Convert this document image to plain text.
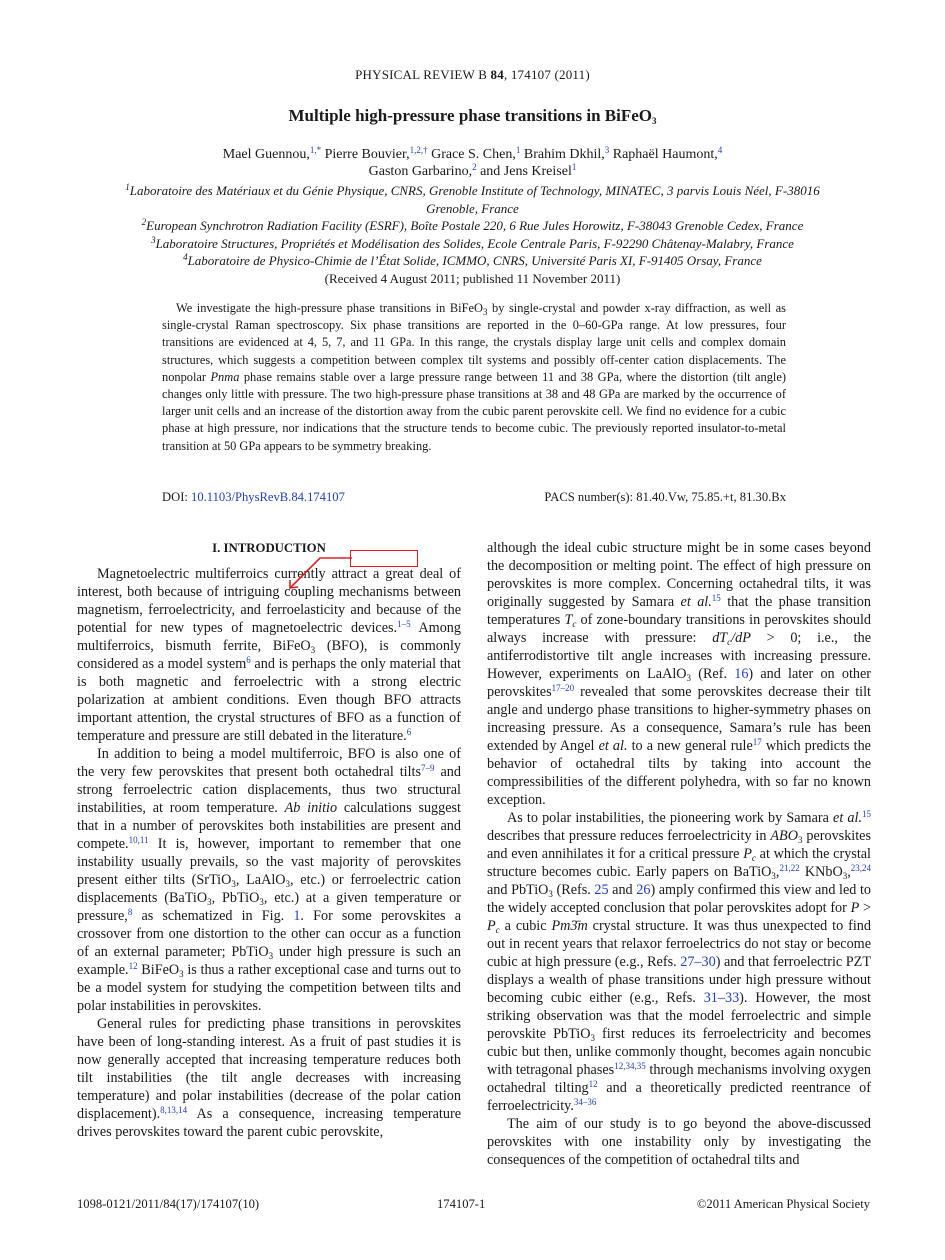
PHYSICAL REVIEW B 84, 174107 (2011)
Multiple high-pressure phase transitions in BiFeO$_3$
Mael Guennou,$^{1,*}$ Pierre Bouvier,$^{1,2,\dagger}$ Grace S. Chen,$^1$ Brahim Dkhil,$^3$ Raphaël Haumont,$^4$
Gaston Garbarino,$^2$ and Jens Kreisel$^1$
$^1$Laboratoire des Matériaux et du Génie Physique, CNRS, Grenoble Institute of Technology, MINATEC, 3 parvis Louis Néel, F-38016 Grenoble, France
$^2$European Synchrotron Radiation Facility (ESRF), Boîte Postale 220, 6 Rue Jules Horowitz, F-38043 Grenoble Cedex, France
$^3$Laboratoire Structures, Propriétés et Modélisation des Solides, Ecole Centrale Paris, F-92290 Châtenay-Malabry, France
$^4$Laboratoire de Physico-Chimie de l’État Solide, ICMMO, CNRS, Université Paris XI, F-91405 Orsay, France
(Received 4 August 2011; published 11 November 2011)
We investigate the high-pressure phase transitions in BiFeO$_3$ by single-crystal and powder x-ray diffraction, as well as single-crystal Raman spectroscopy. Six phase transitions are reported in the 0–60-GPa range. At low pressures, four transitions are evidenced at 4, 5, 7, and 11 GPa. In this range, the crystals display large unit cells and complex domain structures, which suggests a competition between complex tilt systems and possibly off-center cation displacements. The nonpolar Pnma phase remains stable over a large pressure range between 11 and 38 GPa, where the distortion (tilt angle) changes only little with pressure. The two high-pressure phase transitions at 38 and 48 GPa are marked by the occurrence of larger unit cells and an increase of the distortion away from the cubic parent perovskite cell. We find no evidence for a cubic phase at high pressure, nor indications that the structure tends to become cubic. The previously reported insulator-to-metal transition at 50 GPa appears to be symmetry breaking.
DOI: 10.1103/PhysRevB.84.174107	PACS number(s): 81.40.Vw, 75.85.+t, 81.30.Bx
I. INTRODUCTION

Magnetoelectric multiferroics currently attract a great deal of interest, both because of intriguing coupling mechanisms between magnetism, ferroelectricity, and ferroelasticity and because of the potential for new types of magnetoelectric devices.$^{1-5}$ Among multiferroics, bismuth ferrite, BiFeO$_3$ (BFO), is commonly considered as a model system$^6$ and is perhaps the only material that is both magnetic and ferroelectric with a strong electric polarization at ambient conditions. Even though BFO attracts important attention, the crystal structures of BFO as a function of temperature and pressure are still debated in the literature.$^6$

In addition to being a model multiferroic, BFO is also one of the very few perovskites that present both octahedral tilts$^{7-9}$ and strong ferroelectric cation displacements, thus two structural instabilities, at room temperature. Ab initio calculations suggest that in a number of perovskites both instabilities are present and compete.$^{10,11}$ It is, however, important to remember that one instability usually prevails, so the vast majority of perovskites present either tilts (SrTiO$_3$, LaAlO$_3$, etc.) or ferroelectric cation displacements (BaTiO$_3$, PbTiO$_3$, etc.) at a given temperature or pressure,$^8$ as schematized in Fig. 1. For some perovskites a crossover from one distortion to the other can occur as a function of an external parameter; PbTiO$_3$ under high pressure is such an example.$^{12}$ BiFeO$_3$ is thus a rather exceptional case and turns out to be a model system for studying the competition between tilts and polar instabilities in perovskites.

General rules for predicting phase transitions in perovskites have been of long-standing interest. As a fruit of past studies it is now generally accepted that increasing temperature reduces both tilt instabilities (the tilt angle decreases with increasing temperature) and polar instabilities (decrease of the polar cation displacement).$^{8,13,14}$ As a consequence, increasing temperature drives perovskites toward the parent cubic perovskite,

although the ideal cubic structure might be in some cases beyond the decomposition or melting point. The effect of high pressure on perovskites is more complex. Concerning octahedral tilts, it was originally suggested by Samara et al.$^{15}$ that the phase transition temperatures $T_c$ of zone-boundary transitions in perovskites should always increase with pressure: $dT_c/dP > 0$; i.e., the antiferrodistortive tilt angle increases with increasing pressure. However, experiments on LaAlO$_3$ (Ref. 16) and later on other perovskites$^{17-20}$ revealed that some perovskites decrease their tilt angle and undergo phase transitions to higher-symmetry phases on increasing pressure. As a consequence, Samara’s rule has been extended by Angel et al. to a new general rule$^{17}$ which predicts the behavior of octahedral tilts by taking into account the compressibilities of the different polyhedra, with so far no known exception.

As to polar instabilities, the pioneering work by Samara et al.$^{15}$ describes that pressure reduces ferroelectricity in $ABO_3$ perovskites and even annihilates it for a critical pressure $P_c$ at which the crystal structure becomes cubic. Early papers on BaTiO$_3$,$^{21,22}$ KNbO$_3$,$^{23,24}$ and PbTiO$_3$ (Refs. 25 and 26) amply confirmed this view and led to the widely accepted conclusion that polar perovskites adopt for $P > P_c$ a cubic Pm3̄m crystal structure. It was thus unexpected to find out in recent years that relaxor ferroelectrics do not stay or become cubic at high pressure (e.g., Refs. 27–30) and that ferroelectric PZT displays a wealth of phase transitions under high pressure without becoming cubic either (e.g., Refs. 31–33). However, the most striking observation was that the model ferroelectric and simple perovskite PbTiO$_3$ first reduces its ferroelectricity and becomes cubic but then, unlike commonly thought, becomes again noncubic with tetragonal phases$^{12,34,35}$ through mechanisms involving oxygen octahedral tilting$^{12}$ and a theoretically predicted reentrance of ferroelectricity.$^{34-36}$

The aim of our study is to go beyond the above-discussed perovskites with one instability only by investigating the consequences of the competition of octahedral tilts and

1098-0121/2011/84(17)/174107(10)	174107-1	©2011 American Physical Society
